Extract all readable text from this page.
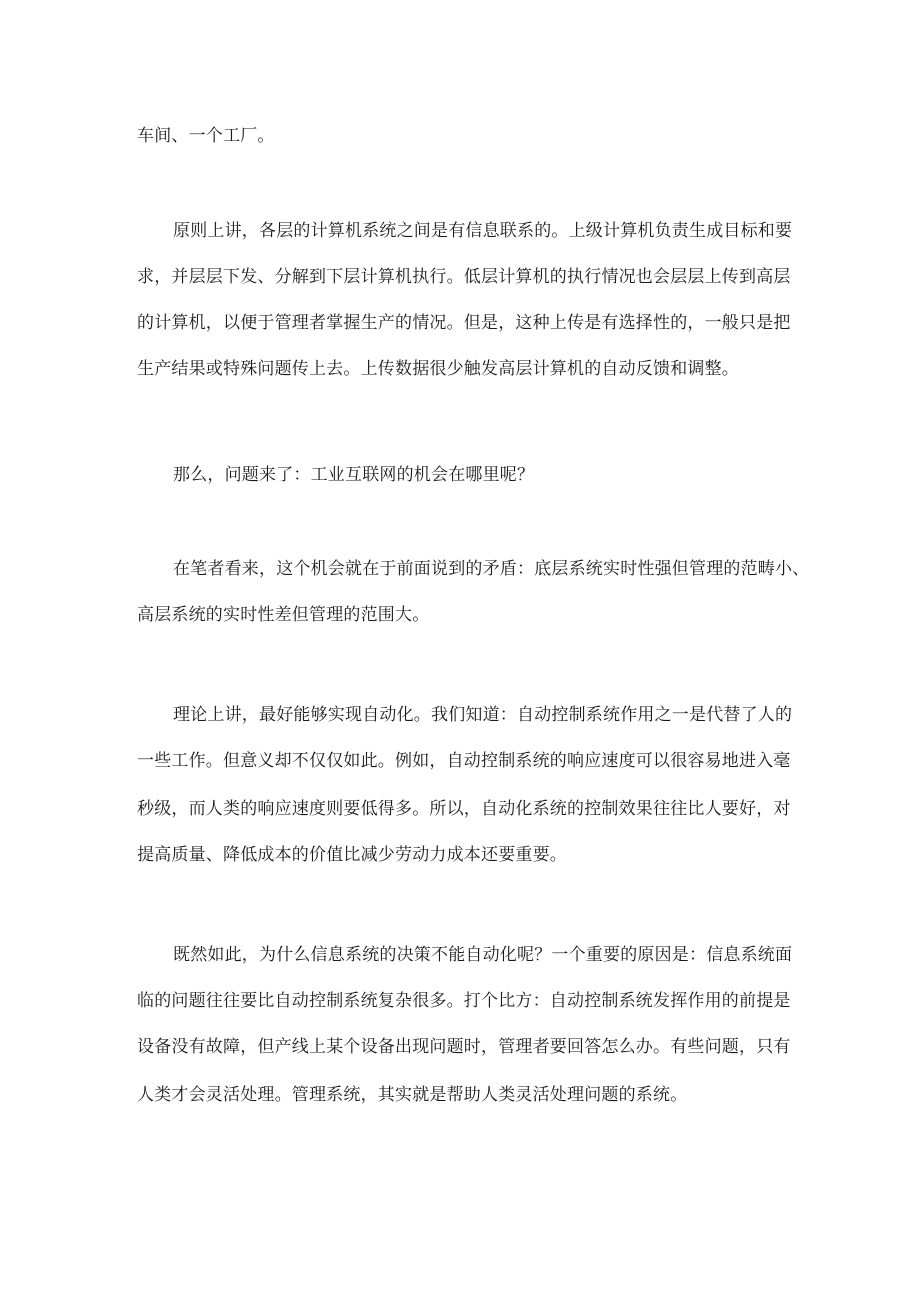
车间、一个工厂。
原则上讲，各层的计算机系统之间是有信息联系的。上级计算机负责生成目标和要
求，并层层下发、分解到下层计算机执行。低层计算机的执行情况也会层层上传到高层
的计算机，以便于管理者掌握生产的情况。但是，这种上传是有选择性的，一般只是把
生产结果或特殊问题传上去。上传数据很少触发高层计算机的自动反馈和调整。
那么，问题来了：工业互联网的机会在哪里呢？
在笔者看来，这个机会就在于前面说到的矛盾：底层系统实时性强但管理的范畴小、
高层系统的实时性差但管理的范围大。
理论上讲，最好能够实现自动化。我们知道：自动控制系统作用之一是代替了人的
一些工作。但意义却不仅仅如此。例如，自动控制系统的响应速度可以很容易地进入毫
秒级，而人类的响应速度则要低得多。所以，自动化系统的控制效果往往比人要好，对
提高质量、降低成本的价值比减少劳动力成本还要重要。
既然如此，为什么信息系统的决策不能自动化呢？一个重要的原因是：信息系统面
临的问题往往要比自动控制系统复杂很多。打个比方：自动控制系统发挥作用的前提是
设备没有故障，但产线上某个设备出现问题时，管理者要回答怎么办。有些问题，只有
人类才会灵活处理。管理系统，其实就是帮助人类灵活处理问题的系统。
